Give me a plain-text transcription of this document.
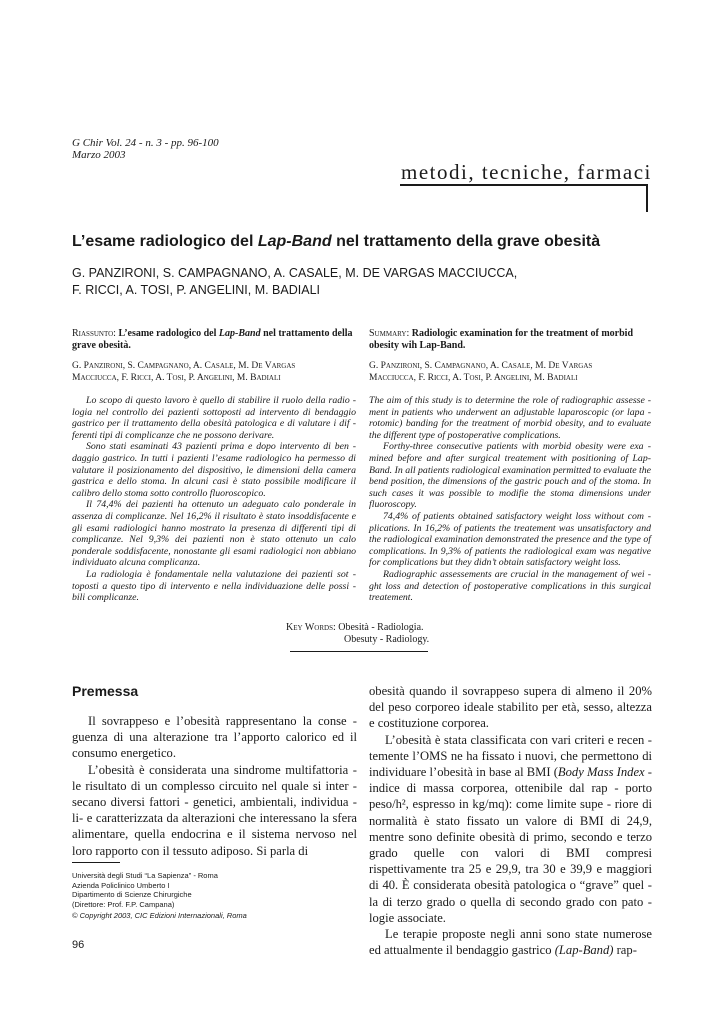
G Chir Vol. 24 - n. 3 - pp. 96-100
Marzo 2003
metodi, tecniche, farmaci
L’esame radiologico del Lap-Band nel trattamento della grave obesità
G. PANZIRONI, S. CAMPAGNANO, A. CASALE, M. DE VARGAS MACCIUCCA,
F. RICCI, A. TOSI, P. ANGELINI, M. BADIALI
Riassunto: L’esame radologico del Lap-Band nel trattamento della grave obesità.
G. Panzironi, S. Campagnano, A. Casale, M. De Vargas
Macciucca, F. Ricci, A. Tosi, P. Angelini, M. Badiali

Lo scopo di questo lavoro è quello di stabilire il ruolo della radio - logia nel controllo dei pazienti sottoposti ad intervento di bendaggio gastrico per il trattamento della obesità patologica e di valutare i dif - ferenti tipi di complicanze che ne possono derivare.

Sono stati esaminati 43 pazienti prima e dopo intervento di ben - daggio gastrico. In tutti i pazienti l’esame radiologico ha permesso di valutare il posizionamento del dispositivo, le dimensioni della camera gastrica e dello stoma. In alcuni casi è stato possibile modificare il calibro dello stoma sotto controllo fluoroscopico.

Il 74,4% dei pazienti ha ottenuto un adeguato calo ponderale in assenza di complicanze. Nel 16,2% il risultato è stato insoddisfacente e gli esami radiologici hanno mostrato la presenza di differenti tipi di complicanze. Nel 9,3% dei pazienti non è stato ottenuto un calo ponderale soddisfacente, nonostante gli esami radiologici non abbiano individuato alcuna complicanza.

La radiologia è fondamentale nella valutazione dei pazienti sot - toposti a questo tipo di intervento e nella individuazione delle possi - bili complicanze.

Summary: Radiologic examination for the treatment of morbid obesity wih Lap-Band.
G. Panzironi, S. Campagnano, A. Casale, M. De Vargas
Macciucca, F. Ricci, A. Tosi, P. Angelini, M. Badiali

The aim of this study is to determine the role of radiographic assesse - ment in patients who underwent an adjustable laparoscopic (or lapa - rotomic) banding for the treatment of morbid obesity, and to evaluate the different type of postoperative complications.

Forthy-three consecutive patients with morbid obesity were exa - mined before and after surgical treatement with positioning of Lap- Band. In all patients radiological examination permitted to evaluate the bend position, the dimensions of the gastric pouch and of the stoma. In such cases it was possible to modifie the stoma dimensions under fluoroscopy.

74,4% of patients obtained satisfactory weight loss without com - plications. In 16,2% of patients the treatement was unsatisfactory and the radiological examination demonstrated the presence and the type of complications. In 9,3% of patients the radiological exam was negative for complications but they didn’t obtain satisfactory weight loss.

Radiographic assessements are crucial in the management of wei - ght loss and detection of postoperative complications in this surgical treatement.

Key Words: Obesità - Radiologia.
Obesuty - Radiology.
Premessa

Il sovrappeso e l’obesità rappresentano la conse - guenza di una alterazione tra l’apporto calorico ed il consumo energetico.

L’obesità è considerata una sindrome multifattoria - le risultato di un complesso circuito nel quale si inter - secano diversi fattori - genetici, ambientali, individua - li- e caratterizzata da alterazioni che interessano la sfera alimentare, quella endocrina e il sistema nervoso nel loro rapporto con il tessuto adiposo. Si parla di

obesità quando il sovrappeso supera di almeno il 20% del peso corporeo ideale stabilito per età, sesso, altezza e costituzione corporea.

L’obesità è stata classificata con vari criteri e recen - temente l’OMS ne ha fissato i nuovi, che permettono di individuare l’obesità in base al BMI (Body Mass Index - indice di massa corporea, ottenibile dal rap - porto peso/h², espresso in kg/mq): come limite supe - riore di normalità è stato fissato un valore di BMI di 24,9, mentre sono definite obesità di primo, secondo e terzo grado quelle con valori di BMI compresi rispettivamente tra 25 e 29,9, tra 30 e 39,9 e maggiori di 40. È considerata obesità patologica o “grave” quel - la di terzo grado o quella di secondo grado con pato - logie associate.

Le terapie proposte negli anni sono state numerose ed attualmente il bendaggio gastrico (Lap-Band) rap-

Università degli Studi “La Sapienza” - Roma
Azienda Policlinico Umberto I
Dipartimento di Scienze Chirurgiche
(Direttore: Prof. F.P. Campana)
© Copyright 2003, CIC Edizioni Internazionali, Roma
96
